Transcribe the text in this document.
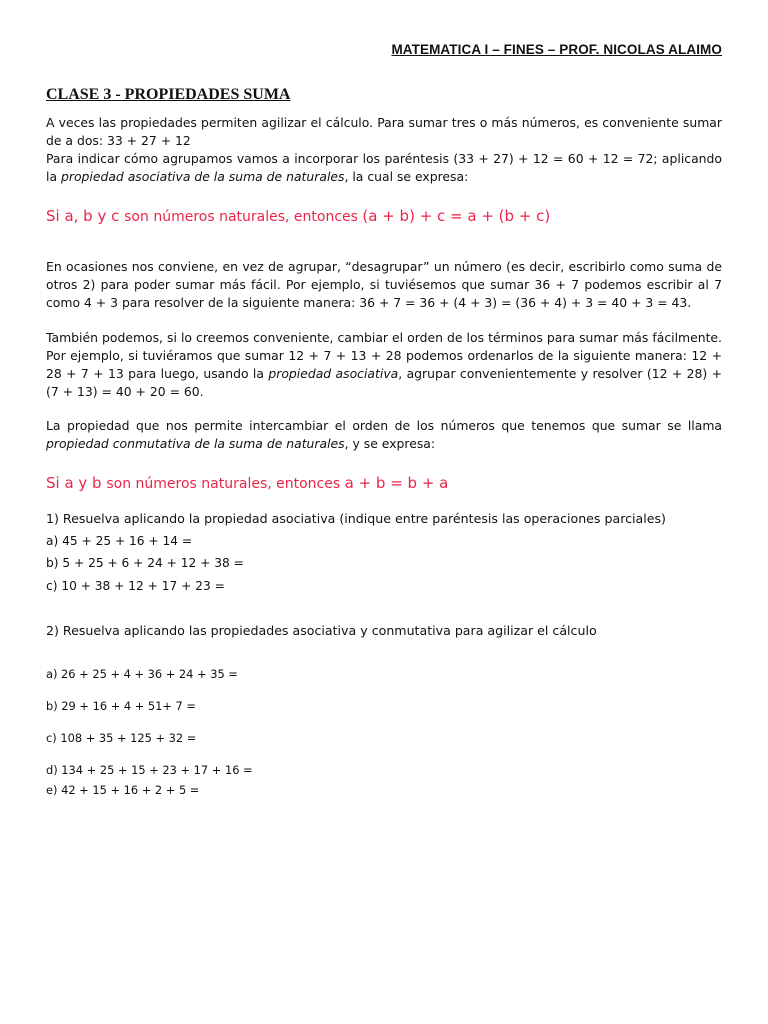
MATEMATICA I – FINES – PROF. NICOLAS ALAIMO
CLASE 3 - PROPIEDADES SUMA

A veces las propiedades permiten agilizar el cálculo. Para sumar tres o más números, es conveniente sumar de a dos: 33 + 27 + 12
Para indicar cómo agrupamos vamos a incorporar los paréntesis (33 + 27) + 12 = 60 + 12 = 72; aplicando la propiedad asociativa de la suma de naturales, la cual se expresa:

Si a, b y c son números naturales, entonces (a + b) + c = a + (b + c)

En ocasiones nos conviene, en vez de agrupar, “desagrupar” un número (es decir, escribirlo como suma de otros 2) para poder sumar más fácil. Por ejemplo, si tuviésemos que sumar 36 + 7 podemos escribir al 7 como 4 + 3 para resolver de la siguiente manera: 36 + 7 = 36 + (4 + 3) = (36 + 4) + 3 = 40 + 3 = 43.

También podemos, si lo creemos conveniente, cambiar el orden de los términos para sumar más fácilmente. Por ejemplo, si tuviéramos que sumar 12 + 7 + 13 + 28 podemos ordenarlos de la siguiente manera: 12 + 28 + 7 + 13 para luego, usando la propiedad asociativa, agrupar convenientemente y resolver (12 + 28) + (7 + 13) = 40 + 20 = 60.

La propiedad que nos permite intercambiar el orden de los números que tenemos que sumar se llama propiedad conmutativa de la suma de naturales, y se expresa:

Si a y b son números naturales, entonces a + b = b + a
1) Resuelva aplicando la propiedad asociativa (indique entre paréntesis las operaciones parciales)
a) 45 + 25 + 16 + 14 =
b) 5 + 25 + 6 + 24 + 12 + 38 =
c) 10 + 38 + 12 + 17 + 23 =
2) Resuelva aplicando las propiedades asociativa y conmutativa para agilizar el cálculo
a) 26 + 25 + 4 + 36 + 24 + 35 =
b) 29 + 16 + 4 + 51+ 7 =
c) 108 + 35 + 125 + 32 =
d) 134 + 25 + 15 + 23 + 17 + 16 =
e) 42 + 15 + 16 + 2 + 5 =
